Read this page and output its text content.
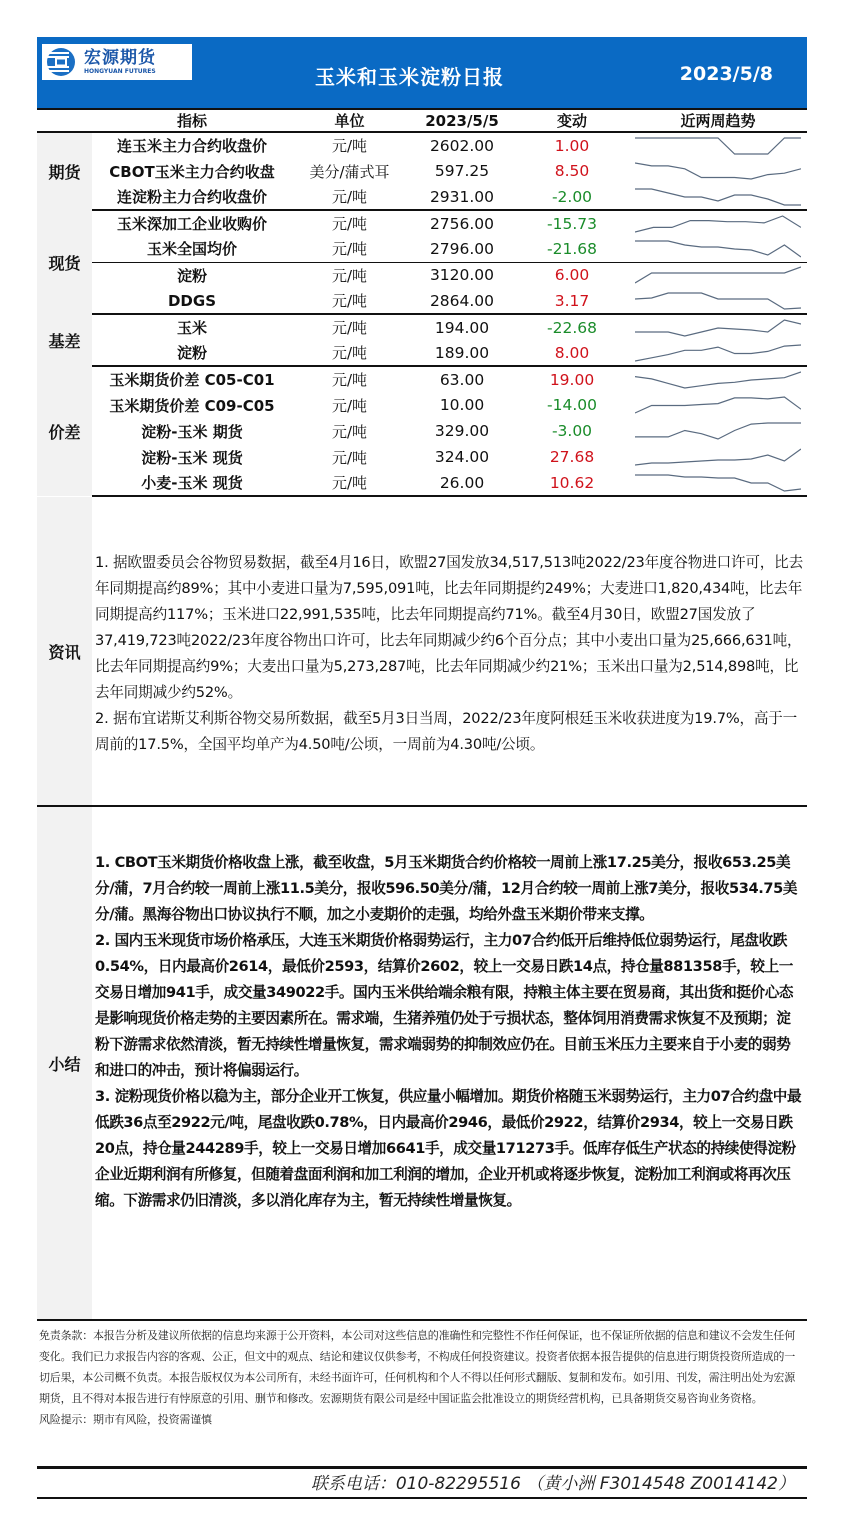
宏源期货
HONGYUAN FUTURES	玉米和玉米淀粉日报	2023/5/8
	指标	单位	2023/5/5	变动	近两周趋势
期货	连玉米主力合约收盘价	元/吨	2602.00	1.00	

	CBOT玉米主力合约收盘	美分/蒲式耳	597.25	8.50	

	连淀粉主力合约收盘价	元/吨	2931.00	-2.00	

现货	玉米深加工企业收购价	元/吨	2756.00	-15.73	

	玉米全国均价	元/吨	2796.00	-21.68	

	淀粉	元/吨	3120.00	6.00	

	DDGS	元/吨	2864.00	3.17	

基差	玉米	元/吨	194.00	-22.68	

	淀粉	元/吨	189.00	8.00	

价差	玉米期货价差 C05-C01	元/吨	63.00	19.00	

	玉米期货价差 C09-C05	元/吨	10.00	-14.00	

	淀粉-玉米 期货	元/吨	329.00	-3.00	

	淀粉-玉米 现货	元/吨	324.00	27.68	

	小麦-玉米 现货	元/吨	26.00	10.62	
资讯
1. 据欧盟委员会谷物贸易数据，截至4月16日，欧盟27国发放34,517,513吨2022/23年度谷物进口许可，比去年同期提高约89%；其中小麦进口量为7,595,091吨，比去年同期提约249%；大麦进口1,820,434吨，比去年同期提高约117%；玉米进口22,991,535吨，比去年同期提高约71%。截至4月30日，欧盟27国发放了37,419,723吨2022/23年度谷物出口许可，比去年同期减少约6个百分点；其中小麦出口量为25,666,631吨，比去年同期提高约9%；大麦出口量为5,273,287吨，比去年同期减少约21%；玉米出口量为2,514,898吨，比去年同期减少约52%。
2. 据布宜诺斯艾利斯谷物交易所数据，截至5月3日当周，2022/23年度阿根廷玉米收获进度为19.7%，高于一周前的17.5%，全国平均单产为4.50吨/公顷，一周前为4.30吨/公顷。
小结
1. CBOT玉米期货价格收盘上涨，截至收盘，5月玉米期货合约价格较一周前上涨17.25美分，报收653.25美分/蒲，7月合约较一周前上涨11.5美分，报收596.50美分/蒲，12月合约较一周前上涨7美分，报收534.75美分/蒲。黑海谷物出口协议执行不顺，加之小麦期价的走强，均给外盘玉米期价带来支撑。
2. 国内玉米现货市场价格承压，大连玉米期货价格弱势运行，主力07合约低开后维持低位弱势运行，尾盘收跌0.54%，日内最高价2614，最低价2593，结算价2602，较上一交易日跌14点，持仓量881358手，较上一交易日增加941手，成交量349022手。国内玉米供给端余粮有限，持粮主体主要在贸易商，其出货和挺价心态是影响现货价格走势的主要因素所在。需求端，生猪养殖仍处于亏损状态，整体饲用消费需求恢复不及预期；淀粉下游需求依然清淡，暂无持续性增量恢复，需求端弱势的抑制效应仍在。目前玉米压力主要来自于小麦的弱势和进口的冲击，预计将偏弱运行。
3. 淀粉现货价格以稳为主，部分企业开工恢复，供应量小幅增加。期货价格随玉米弱势运行，主力07合约盘中最低跌36点至2922元/吨，尾盘收跌0.78%，日内最高价2946，最低价2922，结算价2934，较上一交易日跌20点，持仓量244289手，较上一交易日增加6641手，成交量171273手。低库存低生产状态的持续使得淀粉企业近期利润有所修复，但随着盘面利润和加工利润的增加，企业开机或将逐步恢复，淀粉加工利润或将再次压缩。下游需求仍旧清淡，多以消化库存为主，暂无持续性增量恢复。
免责条款：本报告分析及建议所依据的信息均来源于公开资料，本公司对这些信息的准确性和完整性不作任何保证，也不保证所依据的信息和建议不会发生任何变化。我们已力求报告内容的客观、公正，但文中的观点、结论和建议仅供参考，不构成任何投资建议。投资者依据本报告提供的信息进行期货投资所造成的一切后果，本公司概不负责。本报告版权仅为本公司所有，未经书面许可，任何机构和个人不得以任何形式翻版、复制和发布。如引用、刊发，需注明出处为宏源期货，且不得对本报告进行有悖原意的引用、删节和修改。宏源期货有限公司是经中国证监会批准设立的期货经营机构，已具备期货交易咨询业务资格。
风险提示：期市有风险，投资需谨慎
联系电话：010-82295516 （黄小洲 F3014548 Z0014142）
